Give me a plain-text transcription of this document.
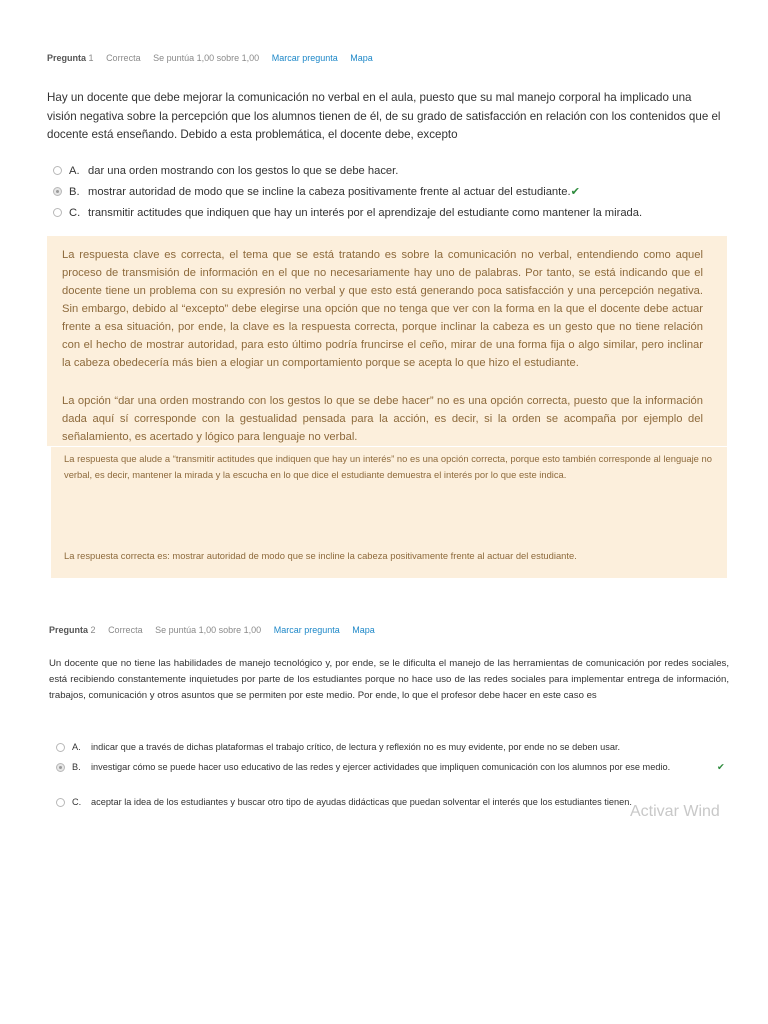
Pregunta 1 Correcta Se puntúa 1,00 sobre 1,00 Marcar pregunta Mapa
Hay un docente que debe mejorar la comunicación no verbal en el aula, puesto que su mal manejo corporal ha implicado una visión negativa sobre la percepción que los alumnos tienen de él, de su grado de satisfacción en relación con los contenidos que el docente está enseñando. Debido a esta problemática, el docente debe, excepto
A. dar una orden mostrando con los gestos lo que se debe hacer.
B. mostrar autoridad de modo que se incline la cabeza positivamente frente al actuar del estudiante. ✔
C. transmitir actitudes que indiquen que hay un interés por el aprendizaje del estudiante como mantener la mirada.

La respuesta clave es correcta, el tema que se está tratando es sobre la comunicación no verbal, entendiendo como aquel proceso de transmisión de información en el que no necesariamente hay uno de palabras. Por tanto, se está indicando que el docente tiene un problema con su expresión no verbal y que esto está generando poca satisfacción y una percepción negativa. Sin embargo, debido al “excepto” debe elegirse una opción que no tenga que ver con la forma en la que el docente debe actuar frente a esa situación, por ende, la clave es la respuesta correcta, porque inclinar la cabeza es un gesto que no tiene relación con el hecho de mostrar autoridad, para esto último podría fruncirse el ceño, mirar de una forma fija o algo similar, pero inclinar la cabeza obedecería más bien a elogiar un comportamiento porque se acepta lo que hizo el estudiante.

La opción “dar una orden mostrando con los gestos lo que se debe hacer” no es una opción correcta, puesto que la información dada aquí sí corresponde con la gestualidad pensada para la acción, es decir, si la orden se acompaña por ejemplo del señalamiento, es acertado y lógico para lenguaje no verbal.

La respuesta que alude a “transmitir actitudes que indiquen que hay un interés” no es una opción correcta, porque esto también corresponde al lenguaje no verbal, es decir, mantener la mirada y la escucha en lo que dice el estudiante demuestra el interés por lo que este indica.

La respuesta correcta es: mostrar autoridad de modo que se incline la cabeza positivamente frente al actuar del estudiante.

Pregunta 2 Correcta Se puntúa 1,00 sobre 1,00 Marcar pregunta Mapa
Un docente que no tiene las habilidades de manejo tecnológico y, por ende, se le dificulta el manejo de las herramientas de comunicación por redes sociales, está recibiendo constantemente inquietudes por parte de los estudiantes porque no hace uso de las redes sociales para implementar entrega de información, trabajos, comunicación y otros asuntos que se permiten por este medio. Por ende, lo que el profesor debe hacer en este caso es
A.	indicar que a través de dichas plataformas el trabajo crítico, de lectura y reflexión no es muy evidente, por ende no se deben usar.
B.	investigar cómo se puede hacer uso educativo de las redes y ejercer actividades que impliquen comunicación con los alumnos por ese medio.	✔
C.	aceptar la idea de los estudiantes y buscar otro tipo de ayudas didácticas que puedan solventar el interés que los estudiantes tienen.
Activar Wind
